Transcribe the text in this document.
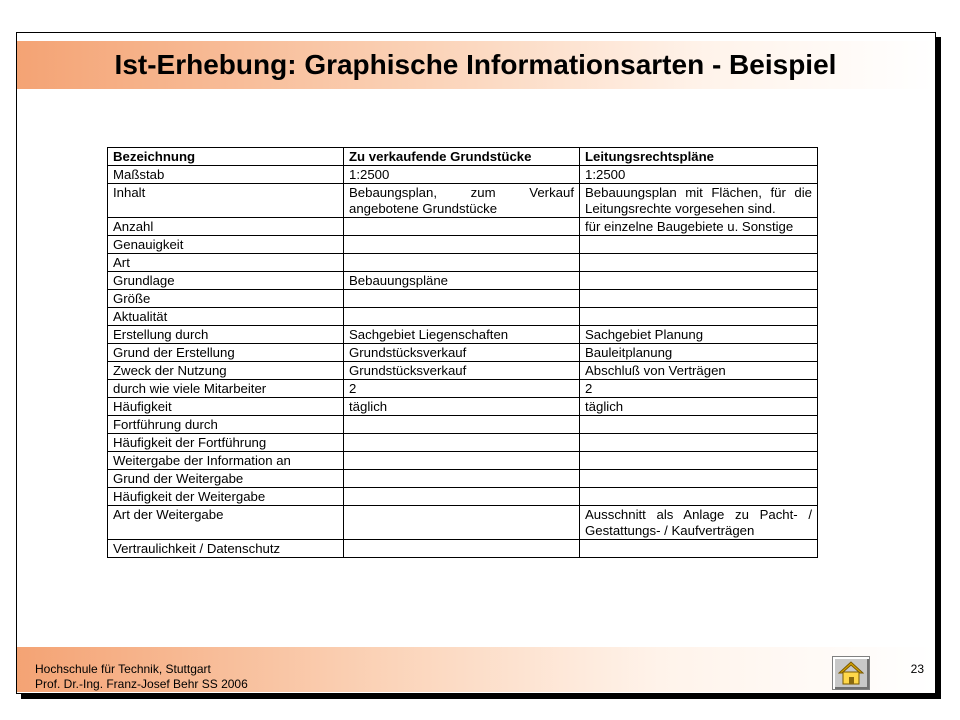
Ist-Erhebung: Graphische Informationsarten - Beispiel
Bezeichnung	Zu verkaufende Grundstücke	Leitungsrechtspläne
Maßstab	1:2500	1:2500
Inhalt	Bebaungsplan, zum Verkauf angebotene Grundstücke	Bebauungsplan mit Flächen, für die Leitungsrechte vorgesehen sind.
Anzahl		für einzelne Baugebiete u. Sonstige
Genauigkeit		
Art		
Grundlage	Bebauungspläne	
Größe		
Aktualität		
Erstellung durch	Sachgebiet Liegenschaften	Sachgebiet Planung
Grund der Erstellung	Grundstücksverkauf	Bauleitplanung
Zweck der Nutzung	Grundstücksverkauf	Abschluß von Verträgen
durch wie viele Mitarbeiter	2	2
Häufigkeit	täglich	täglich
Fortführung durch		
Häufigkeit der Fortführung		
Weitergabe der Information an		
Grund der Weitergabe		
Häufigkeit der Weitergabe		
Art der Weitergabe		Ausschnitt als Anlage zu Pacht- / Gestattungs- / Kaufverträgen
Vertraulichkeit / Datenschutz		
Hochschule für Technik, Stuttgart
Prof. Dr.-Ing. Franz-Josef Behr SS 2006
23
